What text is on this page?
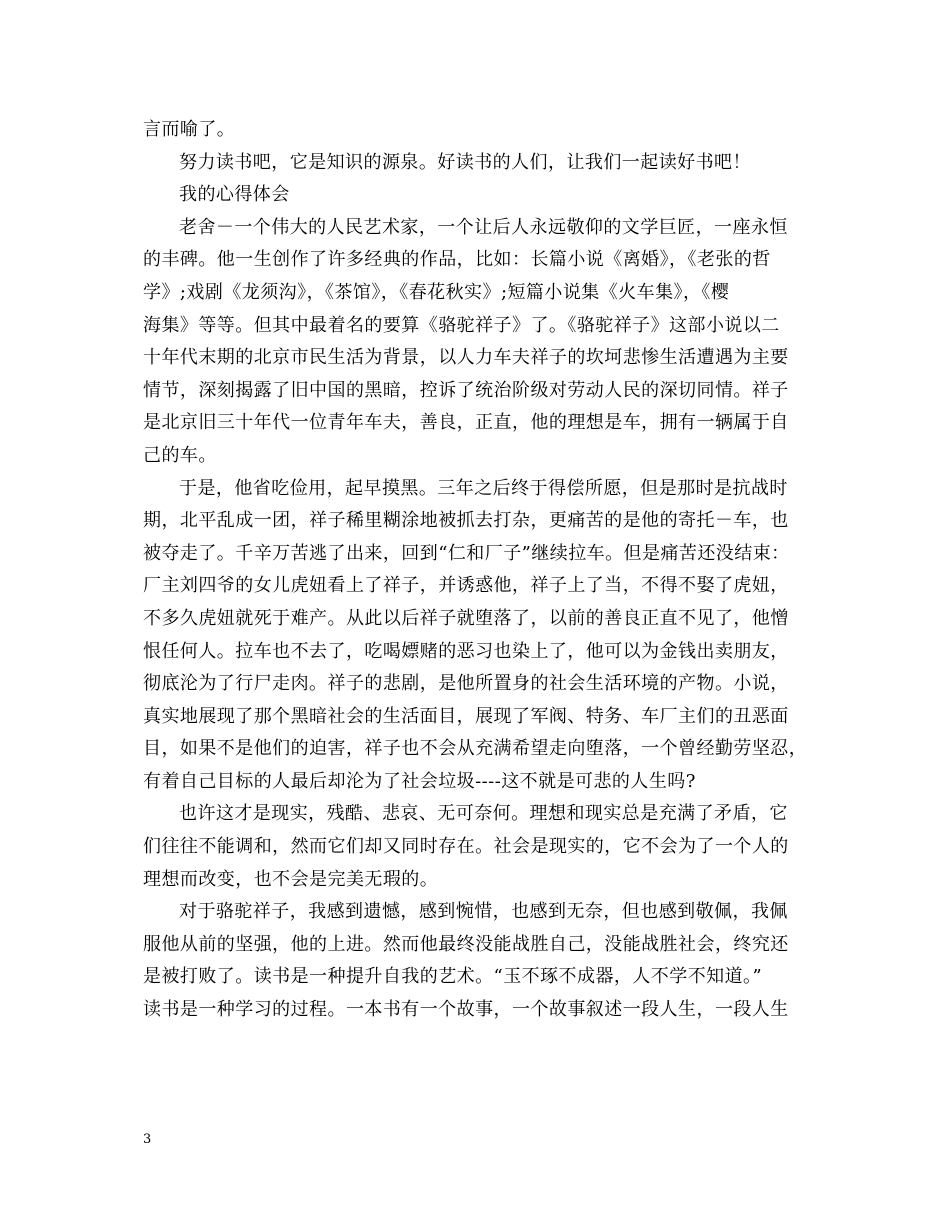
言而喻了。
努力读书吧，它是知识的源泉。好读书的人们，让我们一起读好书吧！
我的心得体会
老舍－一个伟大的人民艺术家，一个让后人永远敬仰的文学巨匠，一座永恒
的丰碑。他一生创作了许多经典的作品，比如：长篇小说《离婚》，《老张的哲
学》;戏剧《龙须沟》，《茶馆》，《春花秋实》;短篇小说集《火车集》，《樱
海集》等等。但其中最着名的要算《骆驼祥子》了。《骆驼祥子》这部小说以二
十年代末期的北京市民生活为背景，以人力车夫祥子的坎坷悲惨生活遭遇为主要
情节，深刻揭露了旧中国的黑暗，控诉了统治阶级对劳动人民的深切同情。祥子
是北京旧三十年代一位青年车夫，善良，正直，他的理想是车，拥有一辆属于自
己的车。
于是，他省吃俭用，起早摸黑。三年之后终于得偿所愿，但是那时是抗战时
期，北平乱成一团，祥子稀里糊涂地被抓去打杂，更痛苦的是他的寄托－车，也
被夺走了。千辛万苦逃了出来，回到“仁和厂子”继续拉车。但是痛苦还没结束：
厂主刘四爷的女儿虎妞看上了祥子，并诱惑他，祥子上了当，不得不娶了虎妞，
不多久虎妞就死于难产。从此以后祥子就堕落了，以前的善良正直不见了，他憎
恨任何人。拉车也不去了，吃喝嫖赌的恶习也染上了，他可以为金钱出卖朋友，
彻底沦为了行尸走肉。祥子的悲剧，是他所置身的社会生活环境的产物。小说，
真实地展现了那个黑暗社会的生活面目，展现了军阀、特务、车厂主们的丑恶面
目，如果不是他们的迫害，祥子也不会从充满希望走向堕落，一个曾经勤劳坚忍，
有着自己目标的人最后却沦为了社会垃圾----这不就是可悲的人生吗?
也许这才是现实，残酷、悲哀、无可奈何。理想和现实总是充满了矛盾，它
们往往不能调和，然而它们却又同时存在。社会是现实的，它不会为了一个人的
理想而改变，也不会是完美无瑕的。
对于骆驼祥子，我感到遗憾，感到惋惜，也感到无奈，但也感到敬佩，我佩
服他从前的坚强，他的上进。然而他最终没能战胜自己，没能战胜社会，终究还
是被打败了。读书是一种提升自我的艺术。“玉不琢不成器，人不学不知道。”
读书是一种学习的过程。一本书有一个故事，一个故事叙述一段人生，一段人生
3
